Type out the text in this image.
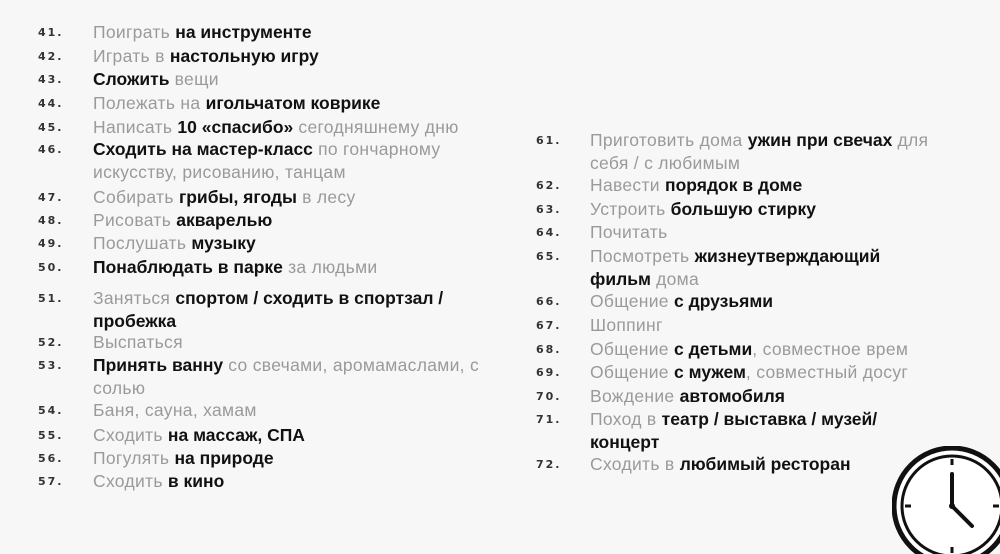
41. Поиграть на инструменте
42. Играть в настольную игру
43. Сложить вещи
44. Полежать на игольчатом коврике
45. Написать 10 «спасибо» сегодняшнему дню
46. Сходить на мастер-класс по гончарному
искусству, рисованию, танцам
47. Собирать грибы, ягоды в лесу
48. Рисовать акварелью
49. Послушать музыку
50. Понаблюдать в парке за людьми
51. Заняться спортом / сходить в спортзал /
пробежка
52. Выспаться
53. Принять ванну со свечами, аромамаслами, с
солью
54. Баня, сауна, хамам
55. Сходить на массаж, СПА
56. Погулять на природе
57. Сходить в кино
61. Приготовить дома ужин при свечах для
себя / с любимым
62. Навести порядок в доме
63. Устроить большую стирку
64. Почитать
65. Посмотреть жизнеутверждающий
фильм дома
66. Общение с друзьями
67. Шоппинг
68. Общение с детьми, совместное врем
69. Общение с мужем, совместный досуг
70. Вождение автомобиля
71. Поход в театр / выставка / музей/
концерт
72. Сходить в любимый ресторан
